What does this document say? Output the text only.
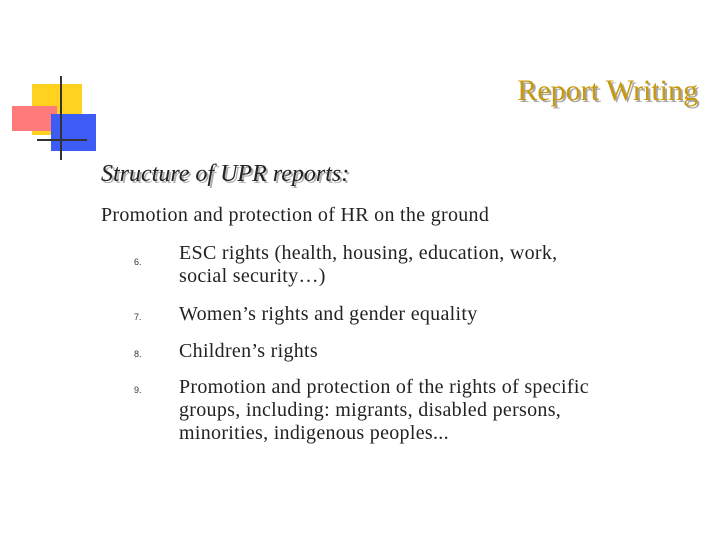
Report Writing
Structure of UPR reports:
Promotion and protection of HR on the ground
6. ESC rights (health, housing, education, work, social security…)
7. Women’s rights and gender equality
8. Children’s rights
9. Promotion and protection of the rights of specific groups, including: migrants, disabled persons, minorities, indigenous peoples...
